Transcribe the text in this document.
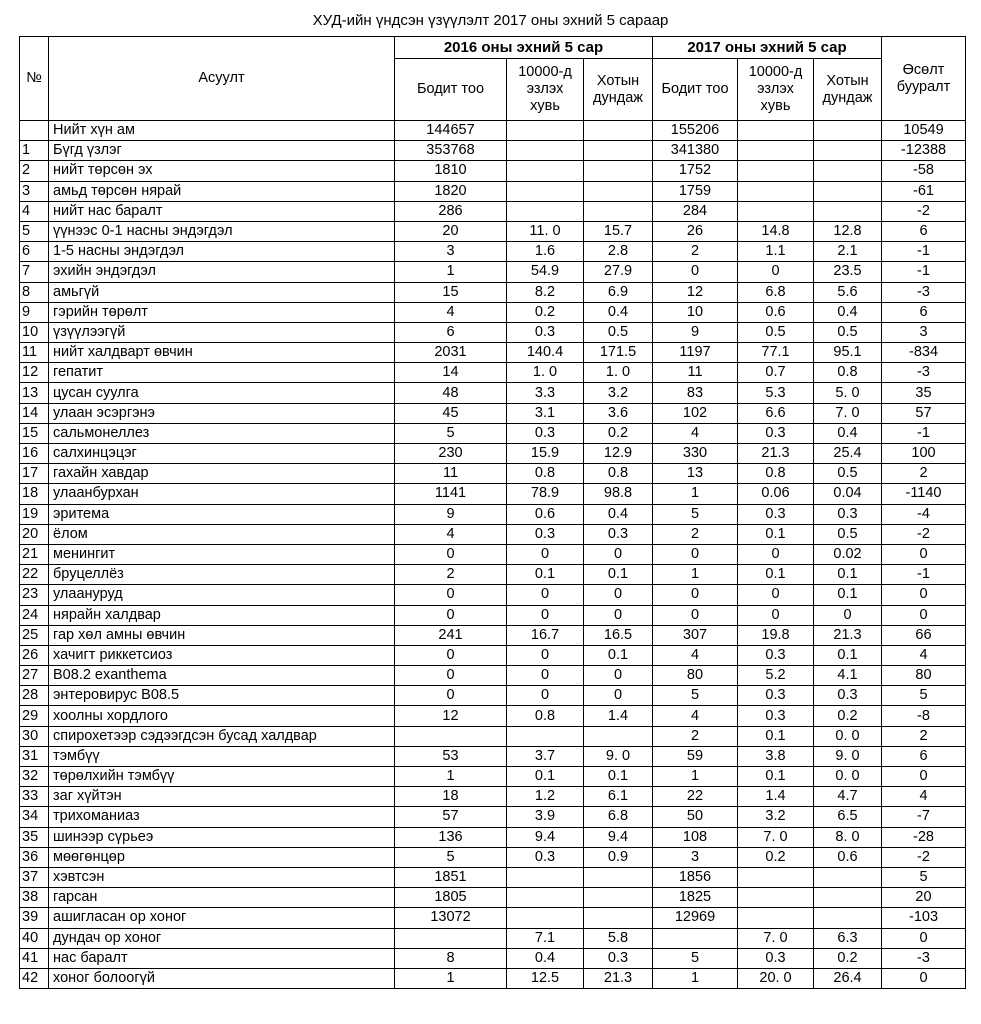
ХУД-ийн үндсэн үзүүлэлт 2017 оны эхний 5 сараар
№	Асуулт	2016 оны эхний 5 сар			2017 оны эхний 5 сар			Өсөлт бууралт
		Бодит тоо	10000-д эзлэх хувь	Хотын дундаж	Бодит тоо	10000-д эзлэх хувь	Хотын дундаж	
	Нийт хүн ам	144657			155206			10549
1	Бүгд үзлэг	353768			341380			-12388
2	нийт төрсөн эх	1810			1752			-58
3	амьд төрсөн нярай	1820			1759			-61
4	нийт нас баралт	286			284			-2
5	үүнээс 0-1 насны эндэгдэл	20	11. 0	15.7	26	14.8	12.8	6
6	1-5 насны эндэгдэл	3	1.6	2.8	2	1.1	2.1	-1
7	эхийн эндэгдэл	1	54.9	27.9	0	0	23.5	-1
8	амьгүй	15	8.2	6.9	12	6.8	5.6	-3
9	гэрийн төрөлт	4	0.2	0.4	10	0.6	0.4	6
10	үзүүлээгүй	6	0.3	0.5	9	0.5	0.5	3
11	нийт халдварт өвчин	2031	140.4	171.5	1197	77.1	95.1	-834
12	гепатит	14	1. 0	1. 0	11	0.7	0.8	-3
13	цусан суулга	48	3.3	3.2	83	5.3	5. 0	35
14	улаан эсэргэнэ	45	3.1	3.6	102	6.6	7. 0	57
15	сальмонеллез	5	0.3	0.2	4	0.3	0.4	-1
16	салхинцэцэг	230	15.9	12.9	330	21.3	25.4	100
17	гахайн хавдар	11	0.8	0.8	13	0.8	0.5	2
18	улаанбурхан	1141	78.9	98.8	1	0.06	0.04	-1140
19	эритема	9	0.6	0.4	5	0.3	0.3	-4
20	ёлом	4	0.3	0.3	2	0.1	0.5	-2
21	менингит	0	0	0	0	0	0.02	0
22	бруцеллёз	2	0.1	0.1	1	0.1	0.1	-1
23	улаануруд	0	0	0	0	0	0.1	0
24	нярайн халдвар	0	0	0	0	0	0	0
25	гар хөл амны өвчин	241	16.7	16.5	307	19.8	21.3	66
26	хачигт риккетсиоз	0	0	0.1	4	0.3	0.1	4
27	B08.2 exanthema	0	0	0	80	5.2	4.1	80
28	энтеровирус B08.5	0	0	0	5	0.3	0.3	5
29	хоолны хордлого	12	0.8	1.4	4	0.3	0.2	-8
30	спирохетээр сэдээгдсэн бусад халдвар				2	0.1	0. 0	2
31	тэмбүү	53	3.7	9. 0	59	3.8	9. 0	6
32	төрөлхийн тэмбүү	1	0.1	0.1	1	0.1	0. 0	0
33	заг хүйтэн	18	1.2	6.1	22	1.4	4.7	4
34	трихоманиаз	57	3.9	6.8	50	3.2	6.5	-7
35	шинээр сүрьеэ	136	9.4	9.4	108	7. 0	8. 0	-28
36	мөөгөнцөр	5	0.3	0.9	3	0.2	0.6	-2
37	хэвтсэн	1851			1856			5
38	гарсан	1805			1825			20
39	ашигласан ор хоног	13072			12969			-103
40	дундач ор хоног		7.1	5.8		7. 0	6.3	0
41	нас баралт	8	0.4	0.3	5	0.3	0.2	-3
42	хоног болоогүй	1	12.5	21.3	1	20. 0	26.4	0
